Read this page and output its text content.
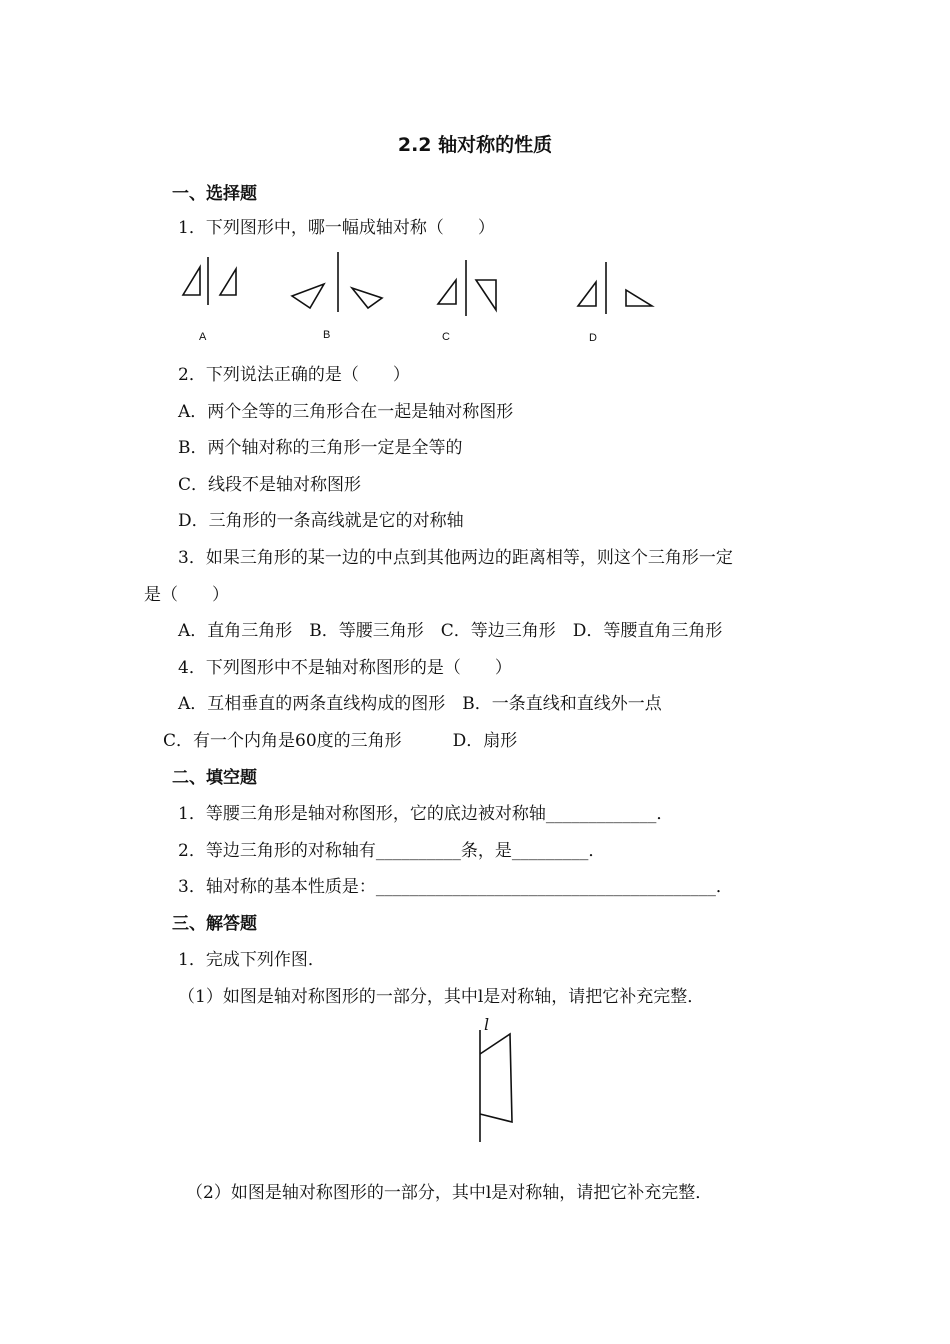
2.2 轴对称的性质
一、选择题
1．下列图形中，哪一幅成轴对称（　　）
A	B	C	D
2．下列说法正确的是（　　）
A．两个全等的三角形合在一起是轴对称图形
B．两个轴对称的三角形一定是全等的
C．线段不是轴对称图形
D．三角形的一条高线就是它的对称轴
3．如果三角形的某一边的中点到其他两边的距离相等，则这个三角形一定
是（　　）
A．直角三角形　B．等腰三角形　C．等边三角形　D．等腰直角三角形
4．下列图形中不是轴对称图形的是（　　）
A．互相垂直的两条直线构成的图形　B．一条直线和直线外一点
C．有一个内角是60度的三角形　　　D．扇形
二、填空题
1．等腰三角形是轴对称图形，它的底边被对称轴_____________．
2．等边三角形的对称轴有__________条，是_________．
3．轴对称的基本性质是：________________________________________．
三、解答题
1．完成下列作图．
（1）如图是轴对称图形的一部分，其中l是对称轴，请把它补充完整．
l
（2）如图是轴对称图形的一部分，其中l是对称轴，请把它补充完整．
